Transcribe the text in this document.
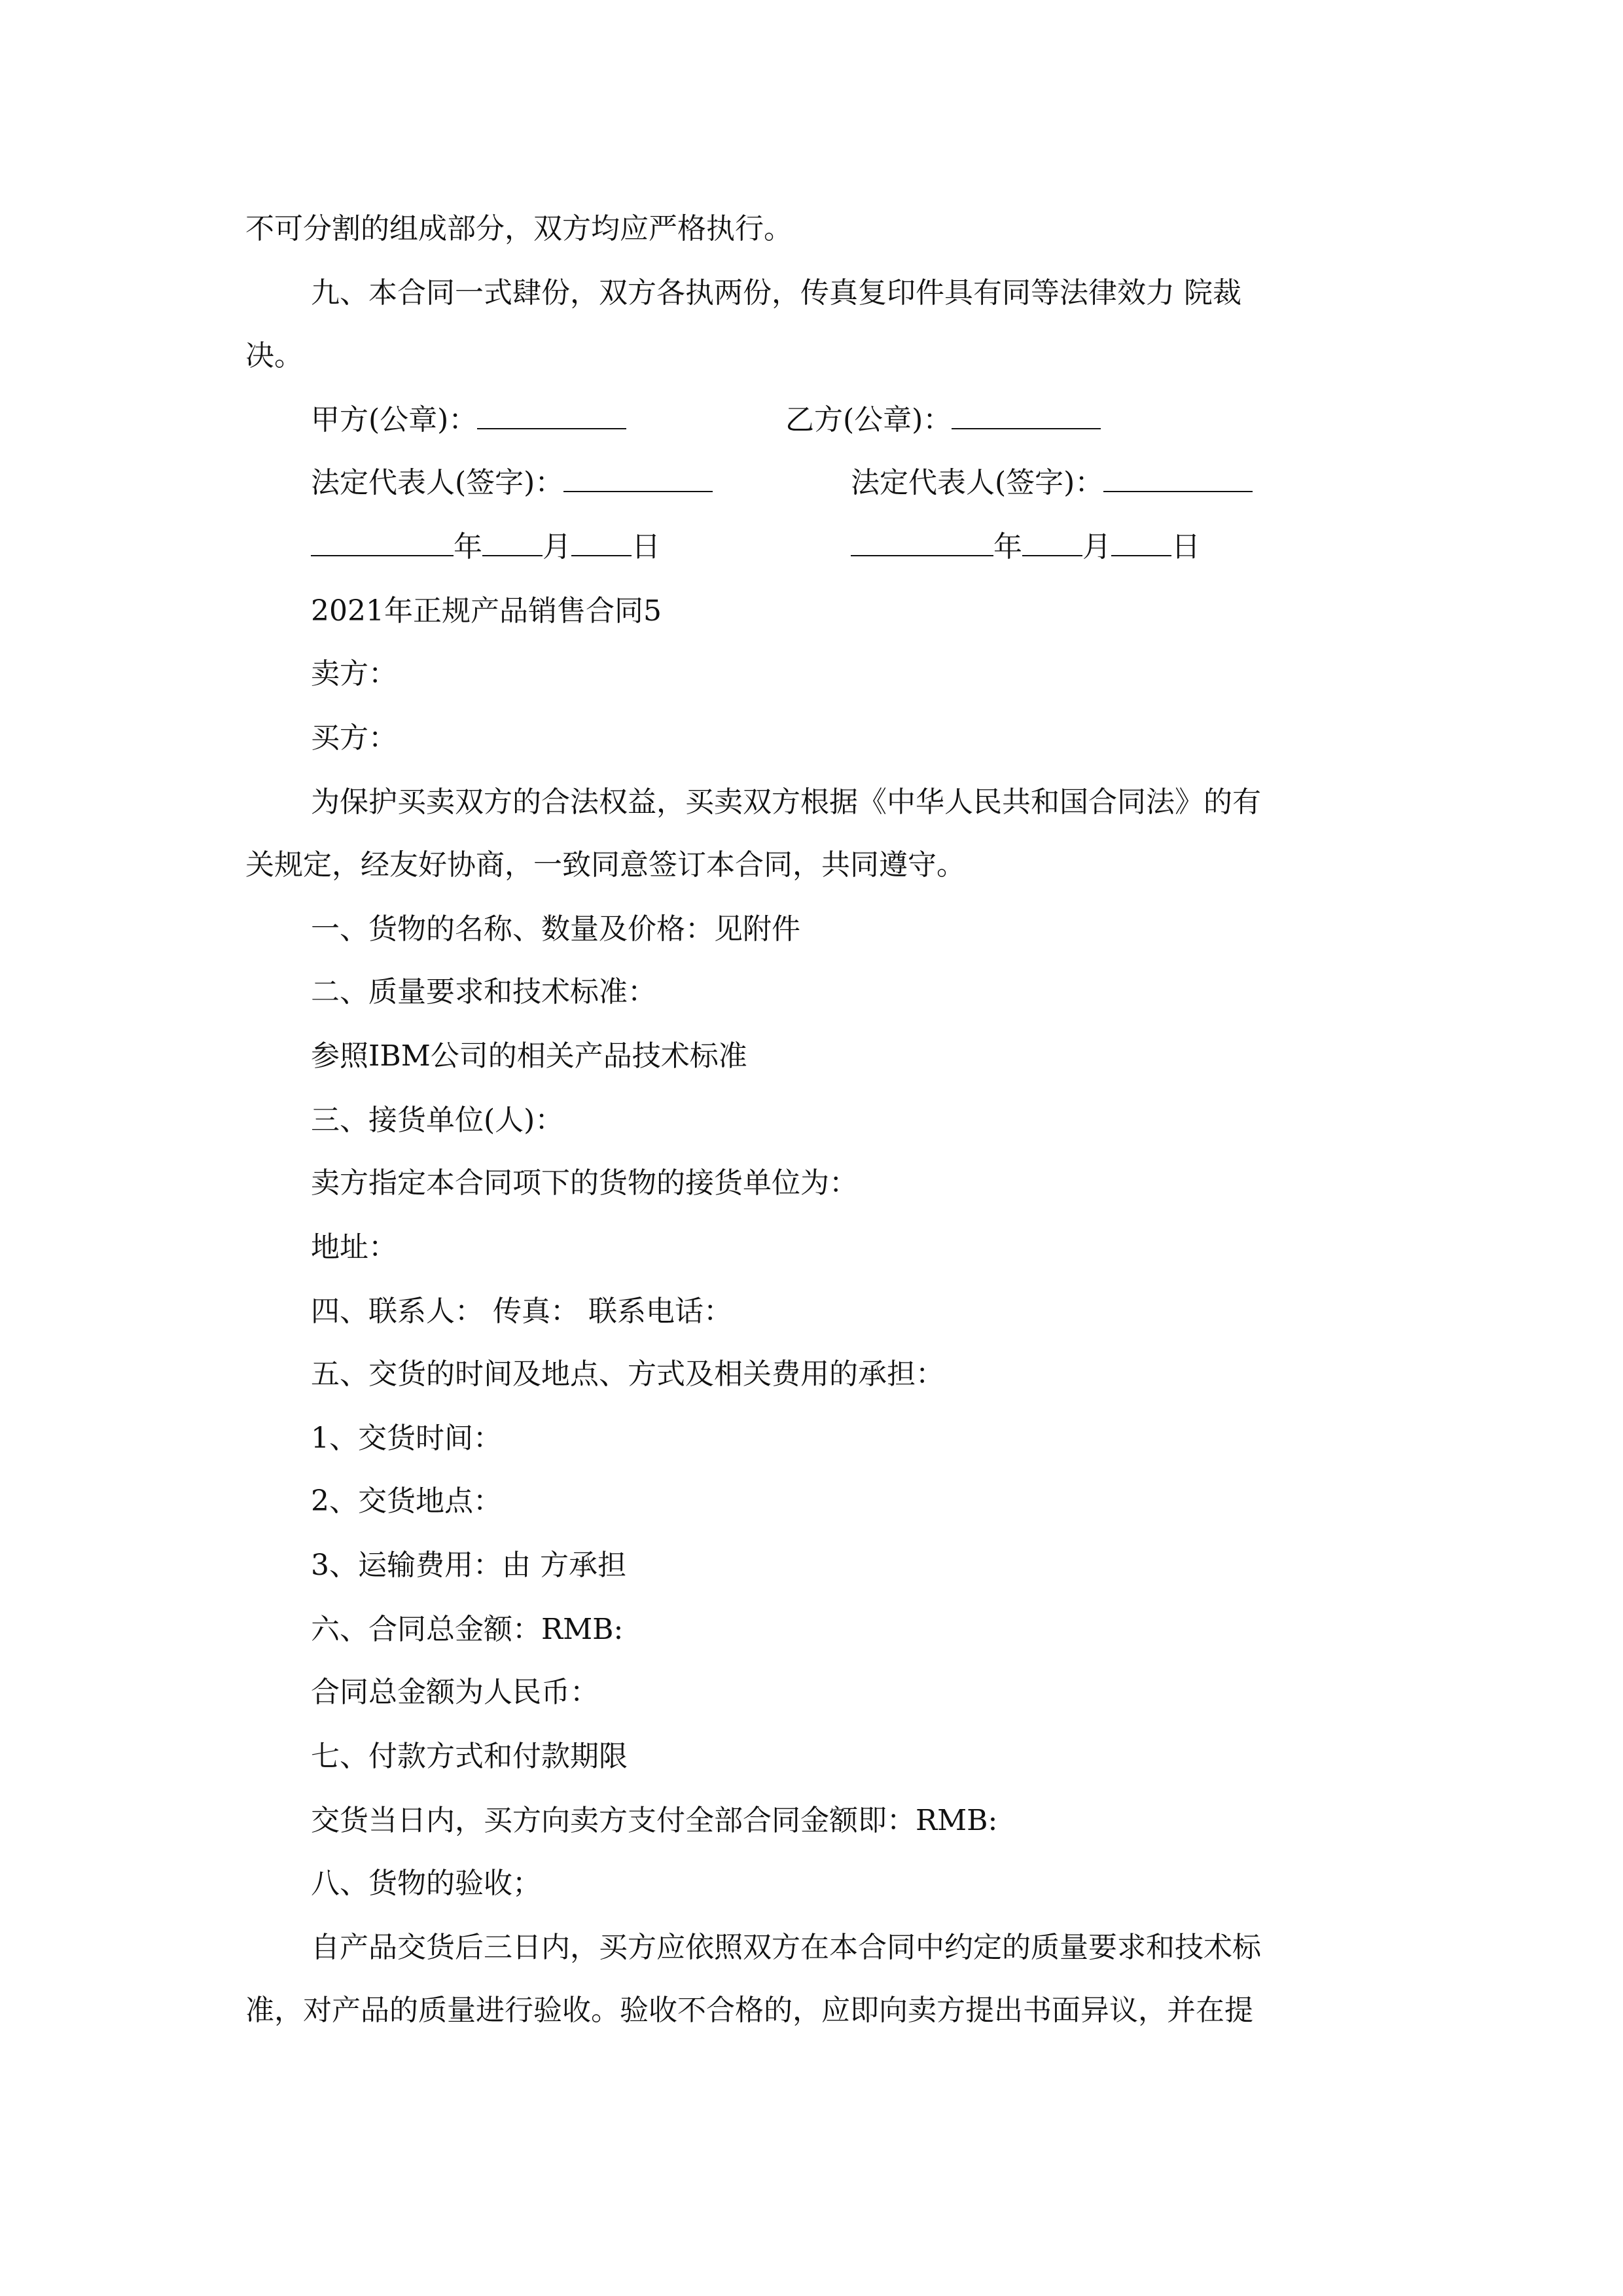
不可分割的组成部分，双方均应严格执行。
九、本合同一式肆份，双方各执两份，传真复印件具有同等法律效力 院裁
决。
甲方(公章)：	乙方(公章)：
法定代表人(签字)：	法定代表人(签字)：
年 月 日	年 月 日
2021年正规产品销售合同5
卖方：
买方：
为保护买卖双方的合法权益，买卖双方根据《中华人民共和国合同法》的有
关规定，经友好协商，一致同意签订本合同，共同遵守。
一、货物的名称、数量及价格：见附件
二、质量要求和技术标准：
参照IBM公司的相关产品技术标准
三、接货单位(人)：
卖方指定本合同项下的货物的接货单位为：
地址：
四、联系人： 传真： 联系电话：
五、交货的时间及地点、方式及相关费用的承担：
1、交货时间：
2、交货地点：
3、运输费用：由 方承担
六、合同总金额：RMB:
合同总金额为人民币：
七、付款方式和付款期限
交货当日内，买方向卖方支付全部合同金额即：RMB:
八、货物的验收；
自产品交货后三日内，买方应依照双方在本合同中约定的质量要求和技术标
准，对产品的质量进行验收。验收不合格的，应即向卖方提出书面异议，并在提
